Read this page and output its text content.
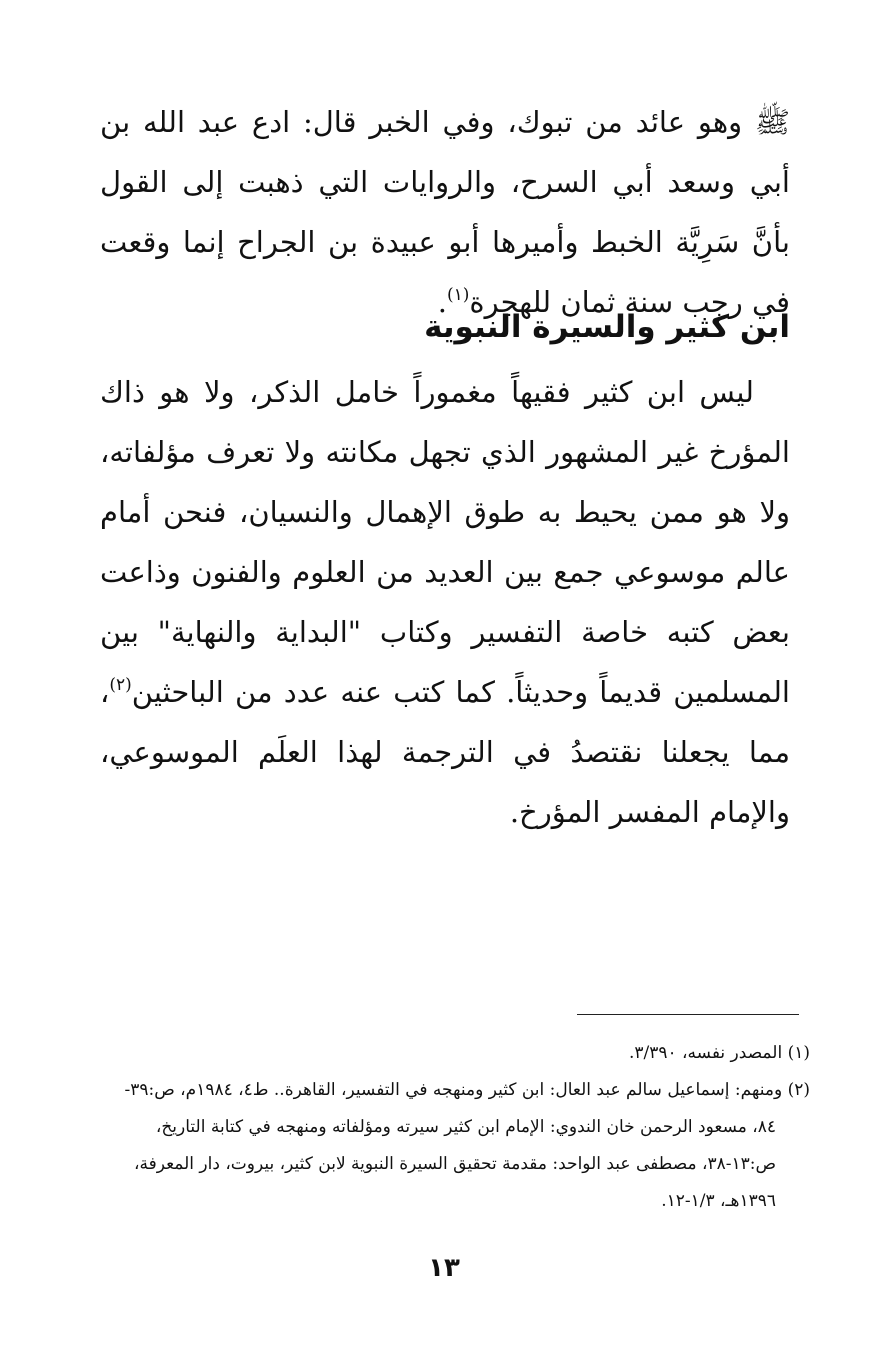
ﷺ وهو عائد من تبوك، وفي الخبر قال: ادع عبد الله بن أبي وسعد أبي السرح، والروايات التي ذهبت إلى القول بأنَّ سَرِيَّة الخبط وأميرها أبو عبيدة بن الجراح إنما وقعت في رجب سنة ثمان للهجرة$^{(١)}$.

ابن كثير والسيرة النبوية

ليس ابن كثير فقيهاً مغموراً خامل الذكر، ولا هو ذاك المؤرخ غير المشهور الذي تجهل مكانته ولا تعرف مؤلفاته، ولا هو ممن يحيط به طوق الإهمال والنسيان، فنحن أمام عالم موسوعي جمع بين العديد من العلوم والفنون وذاعت بعض كتبه خاصة التفسير وكتاب "البداية والنهاية" بين المسلمين قديماً وحديثاً. كما كتب عنه عدد من الباحثين$^{(٢)}$، مما يجعلنا نقتصدُ في الترجمة لهذا العلَم الموسوعي، والإمام المفسر المؤرخ.

(١) المصدر نفسه، ٣/٣٩٠.

(٢) ومنهم: إسماعيل سالم عبد العال: ابن كثير ومنهجه في التفسير، القاهرة.. ط٤، ١٩٨٤م، ص:٣٩-

٨٤، مسعود الرحمن خان الندوي: الإمام ابن كثير سيرته ومؤلفاته ومنهجه في كتابة التاريخ،

ص:١٣-٣٨، مصطفى عبد الواحد: مقدمة تحقيق السيرة النبوية لابن كثير، بيروت، دار المعرفة،

١٣٩٦هـ، ١/٣-١٢.

١٣
